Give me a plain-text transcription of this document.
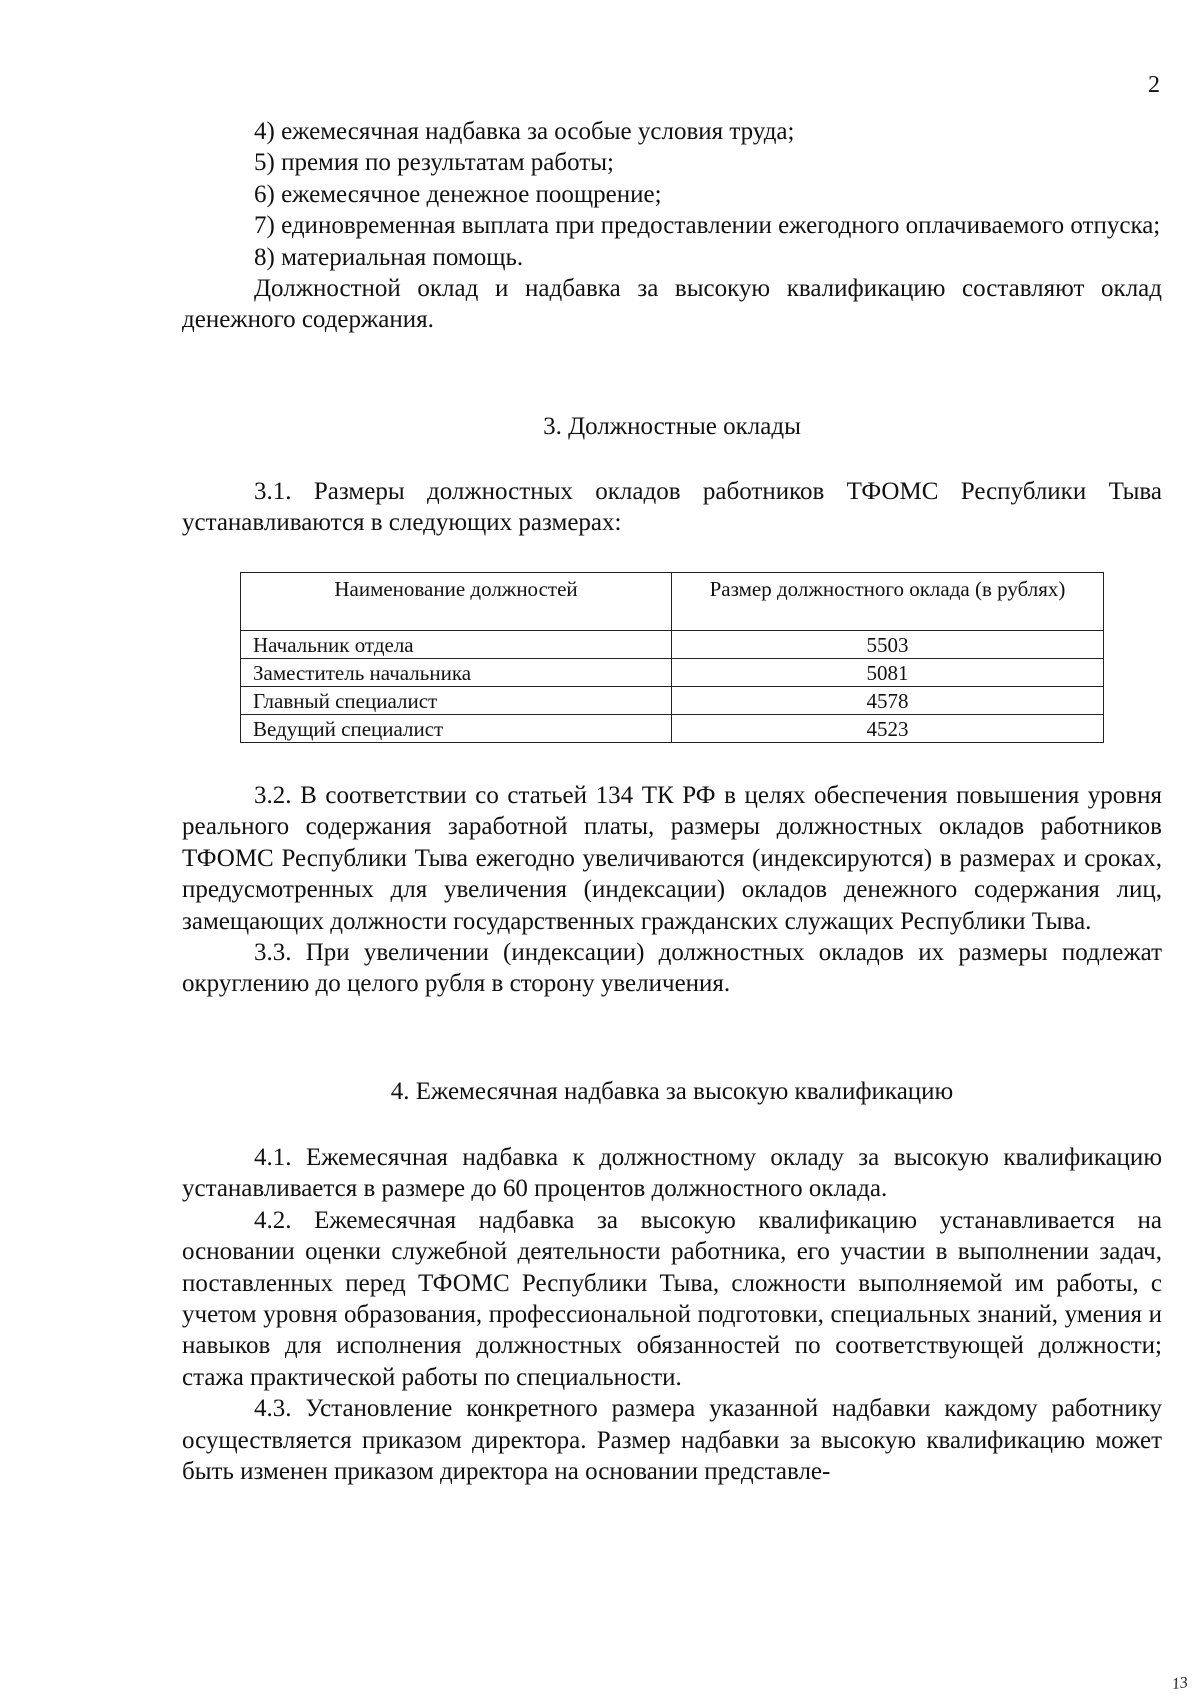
2

4) ежемесячная надбавка за особые условия труда;

5) премия по результатам работы;

6) ежемесячное денежное поощрение;

7) единовременная выплата при предоставлении ежегодного оплачиваемого отпуска;

8) материальная помощь.

Должностной оклад и надбавка за высокую квалификацию составляют оклад денежного содержания.

3. Должностные оклады

3.1. Размеры должностных окладов работников ТФОМС Республики Тыва устанавливаются в следующих размерах:

Наименование должностей	Размер должностного оклада (в рублях)
Начальник отдела	5503
Заместитель начальника	5081
Главный специалист	4578
Ведущий специалист	4523

3.2. В соответствии со статьей 134 ТК РФ в целях обеспечения повышения уровня реального содержания заработной платы, размеры должностных окладов работников ТФОМС Республики Тыва ежегодно увеличиваются (индексируются) в размерах и сроках, предусмотренных для увеличения (индексации) окладов денежного содержания лиц, замещающих должности государственных гражданских служащих Республики Тыва.

3.3. При увеличении (индексации) должностных окладов их размеры подлежат округлению до целого рубля в сторону увеличения.

4. Ежемесячная надбавка за высокую квалификацию

4.1. Ежемесячная надбавка к должностному окладу за высокую квалификацию устанавливается в размере до 60 процентов должностного оклада.

4.2. Ежемесячная надбавка за высокую квалификацию устанавливается на основании оценки служебной деятельности работника, его участии в выполнении задач, поставленных перед ТФОМС Республики Тыва, сложности выполняемой им работы, с учетом уровня образования, профессиональной подготовки, специальных знаний, умения и навыков для исполнения должностных обязанностей по соответствующей должности; стажа практической работы по специальности.

4.3. Установление конкретного размера указанной надбавки каждому работнику осуществляется приказом директора. Размер надбавки за высокую квалификацию может быть изменен приказом директора на основании представле-

13
